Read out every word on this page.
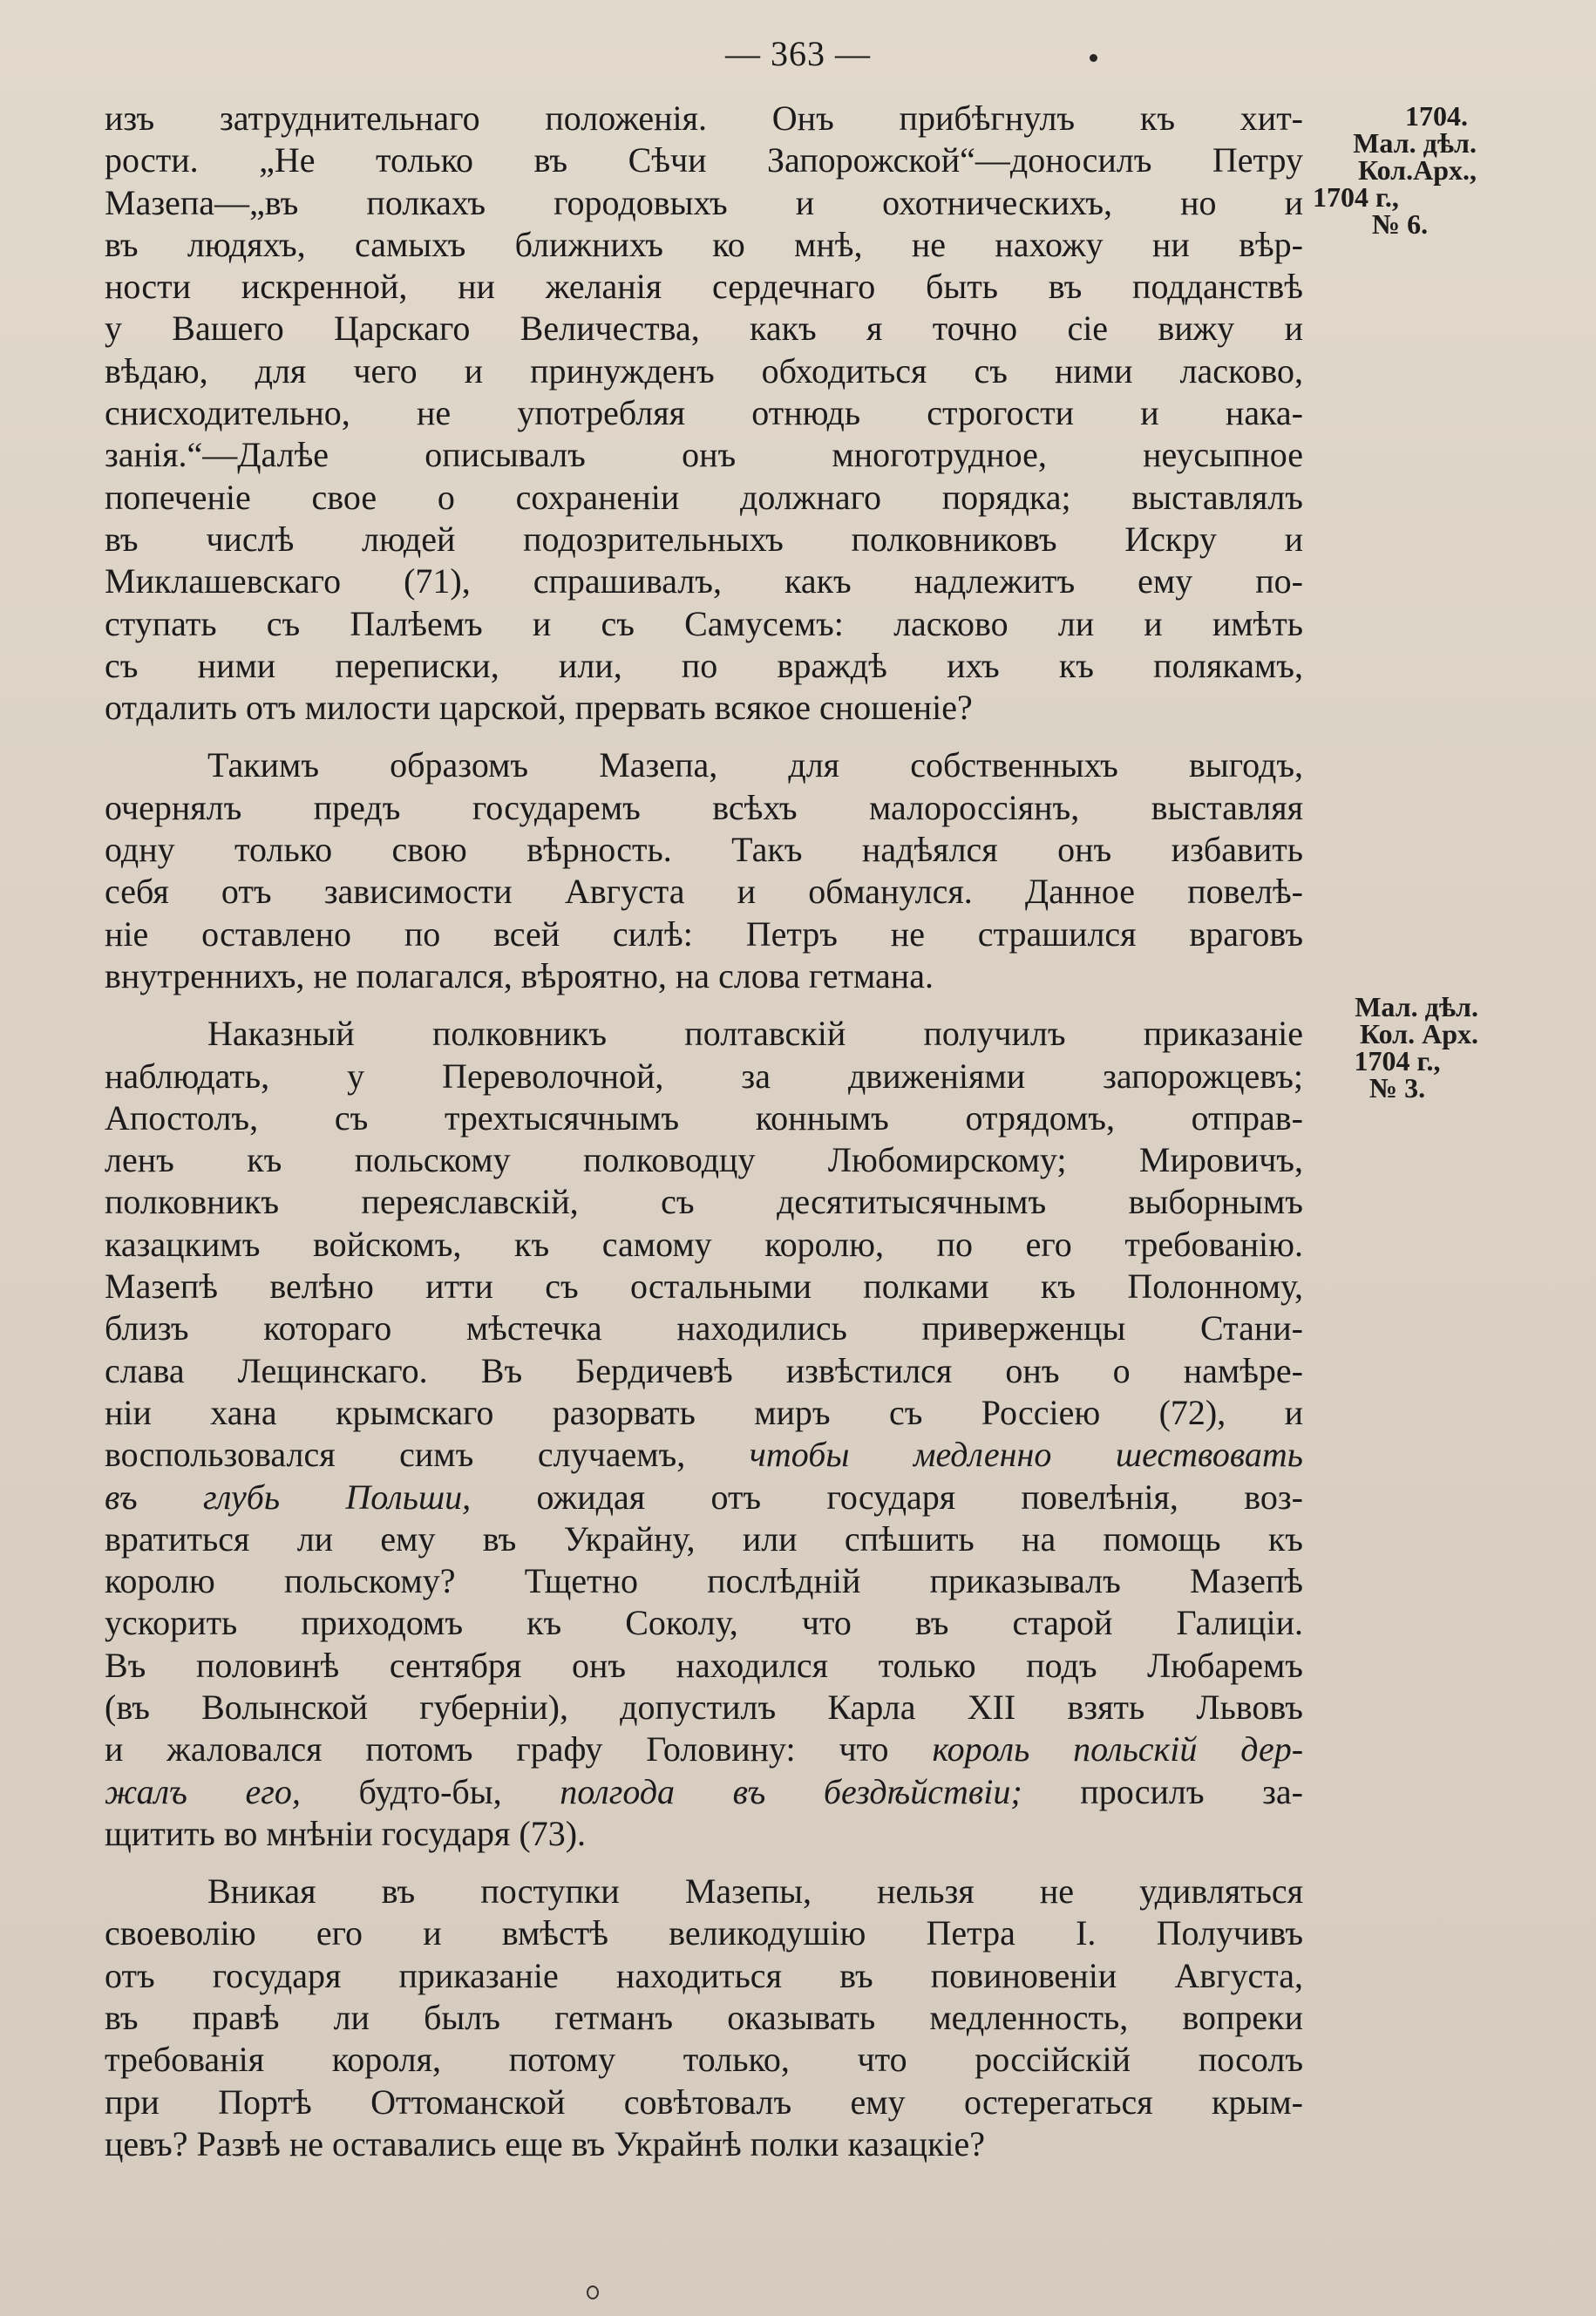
— 363 —
1704.
Мал. дѣл.
Кол.Арх.,
1704 г.,
№ 6.
Мал. дѣл.
Кол. Арх.
1704 г.,
№ 3.
изъ затруднительнаго положенія. Онъ прибѣгнулъ къ хит-
рости. „Не только въ Сѣчи Запорожской“—доносилъ Петру
Мазепа—„въ полкахъ городовыхъ и охотническихъ, но и
въ людяхъ, самыхъ ближнихъ ко мнѣ, не нахожу ни вѣр-
ности искренной, ни желанія сердечнаго быть въ подданствѣ
у Вашего Царскаго Величества, какъ я точно сіе вижу и
вѣдаю, для чего и принужденъ обходиться съ ними ласково,
снисходительно, не употребляя отнюдь строгости и нака-
занія.“—Далѣе описывалъ онъ многотрудное, неусыпное
попеченіе свое о сохраненіи должнаго порядка; выставлялъ
въ числѣ людей подозрительныхъ полковниковъ Искру и
Миклашевскаго (71), спрашивалъ, какъ надлежитъ ему по-
ступать съ Палѣемъ и съ Самусемъ: ласково ли и имѣть
съ ними переписки, или, по враждѣ ихъ къ полякамъ,
отдалить отъ милости царской, прервать всякое сношеніе?
Такимъ образомъ Мазепа, для собственныхъ выгодъ,
очернялъ предъ государемъ всѣхъ малороссіянъ, выставляя
одну только свою вѣрность. Такъ надѣялся онъ избавить
себя отъ зависимости Августа и обманулся. Данное повелѣ-
ніе оставлено по всей силѣ: Петръ не страшился враговъ
внутреннихъ, не полагался, вѣроятно, на слова гетмана.
Наказный полковникъ полтавскій получилъ приказаніе
наблюдать, у Переволочной, за движеніями запорожцевъ;
Апостолъ, съ трехтысячнымъ коннымъ отрядомъ, отправ-
ленъ къ польскому полководцу Любомирскому; Мировичъ,
полковникъ переяславскій, съ десятитысячнымъ выборнымъ
казацкимъ войскомъ, къ самому королю, по его требованію.
Мазепѣ велѣно итти съ остальными полками къ Полонному,
близъ котораго мѣстечка находились приверженцы Стани-
слава Лещинскаго. Въ Бердичевѣ извѣстился онъ о намѣре-
ніи хана крымскаго разорвать миръ съ Россіею (72), и
воспользовался симъ случаемъ, чтобы медленно шествовать
въ глубь Польши, ожидая отъ государя повелѣнія, воз-
вратиться ли ему въ Украйну, или спѣшить на помощь къ
королю польскому? Тщетно послѣдній приказывалъ Мазепѣ
ускорить приходомъ къ Соколу, что въ старой Галиціи.
Въ половинѣ сентября онъ находился только подъ Любаремъ
(въ Волынской губерніи), допустилъ Карла XII взять Львовъ
и жаловался потомъ графу Головину: что король польскій дер-
жалъ его, будто-бы, полгода въ бездѣйствіи; просилъ за-
щитить во мнѣніи государя (73).
Вникая въ поступки Мазепы, нельзя не удивляться
своеволію его и вмѣстѣ великодушію Петра I. Получивъ
отъ государя приказаніе находиться въ повиновеніи Августа,
въ правѣ ли былъ гетманъ оказывать медленность, вопреки
требованія короля, потому только, что россійскій посолъ
при Портѣ Оттоманской совѣтовалъ ему остерегаться крым-
цевъ? Развѣ не оставались еще въ Украйнѣ полки казацкіе?
